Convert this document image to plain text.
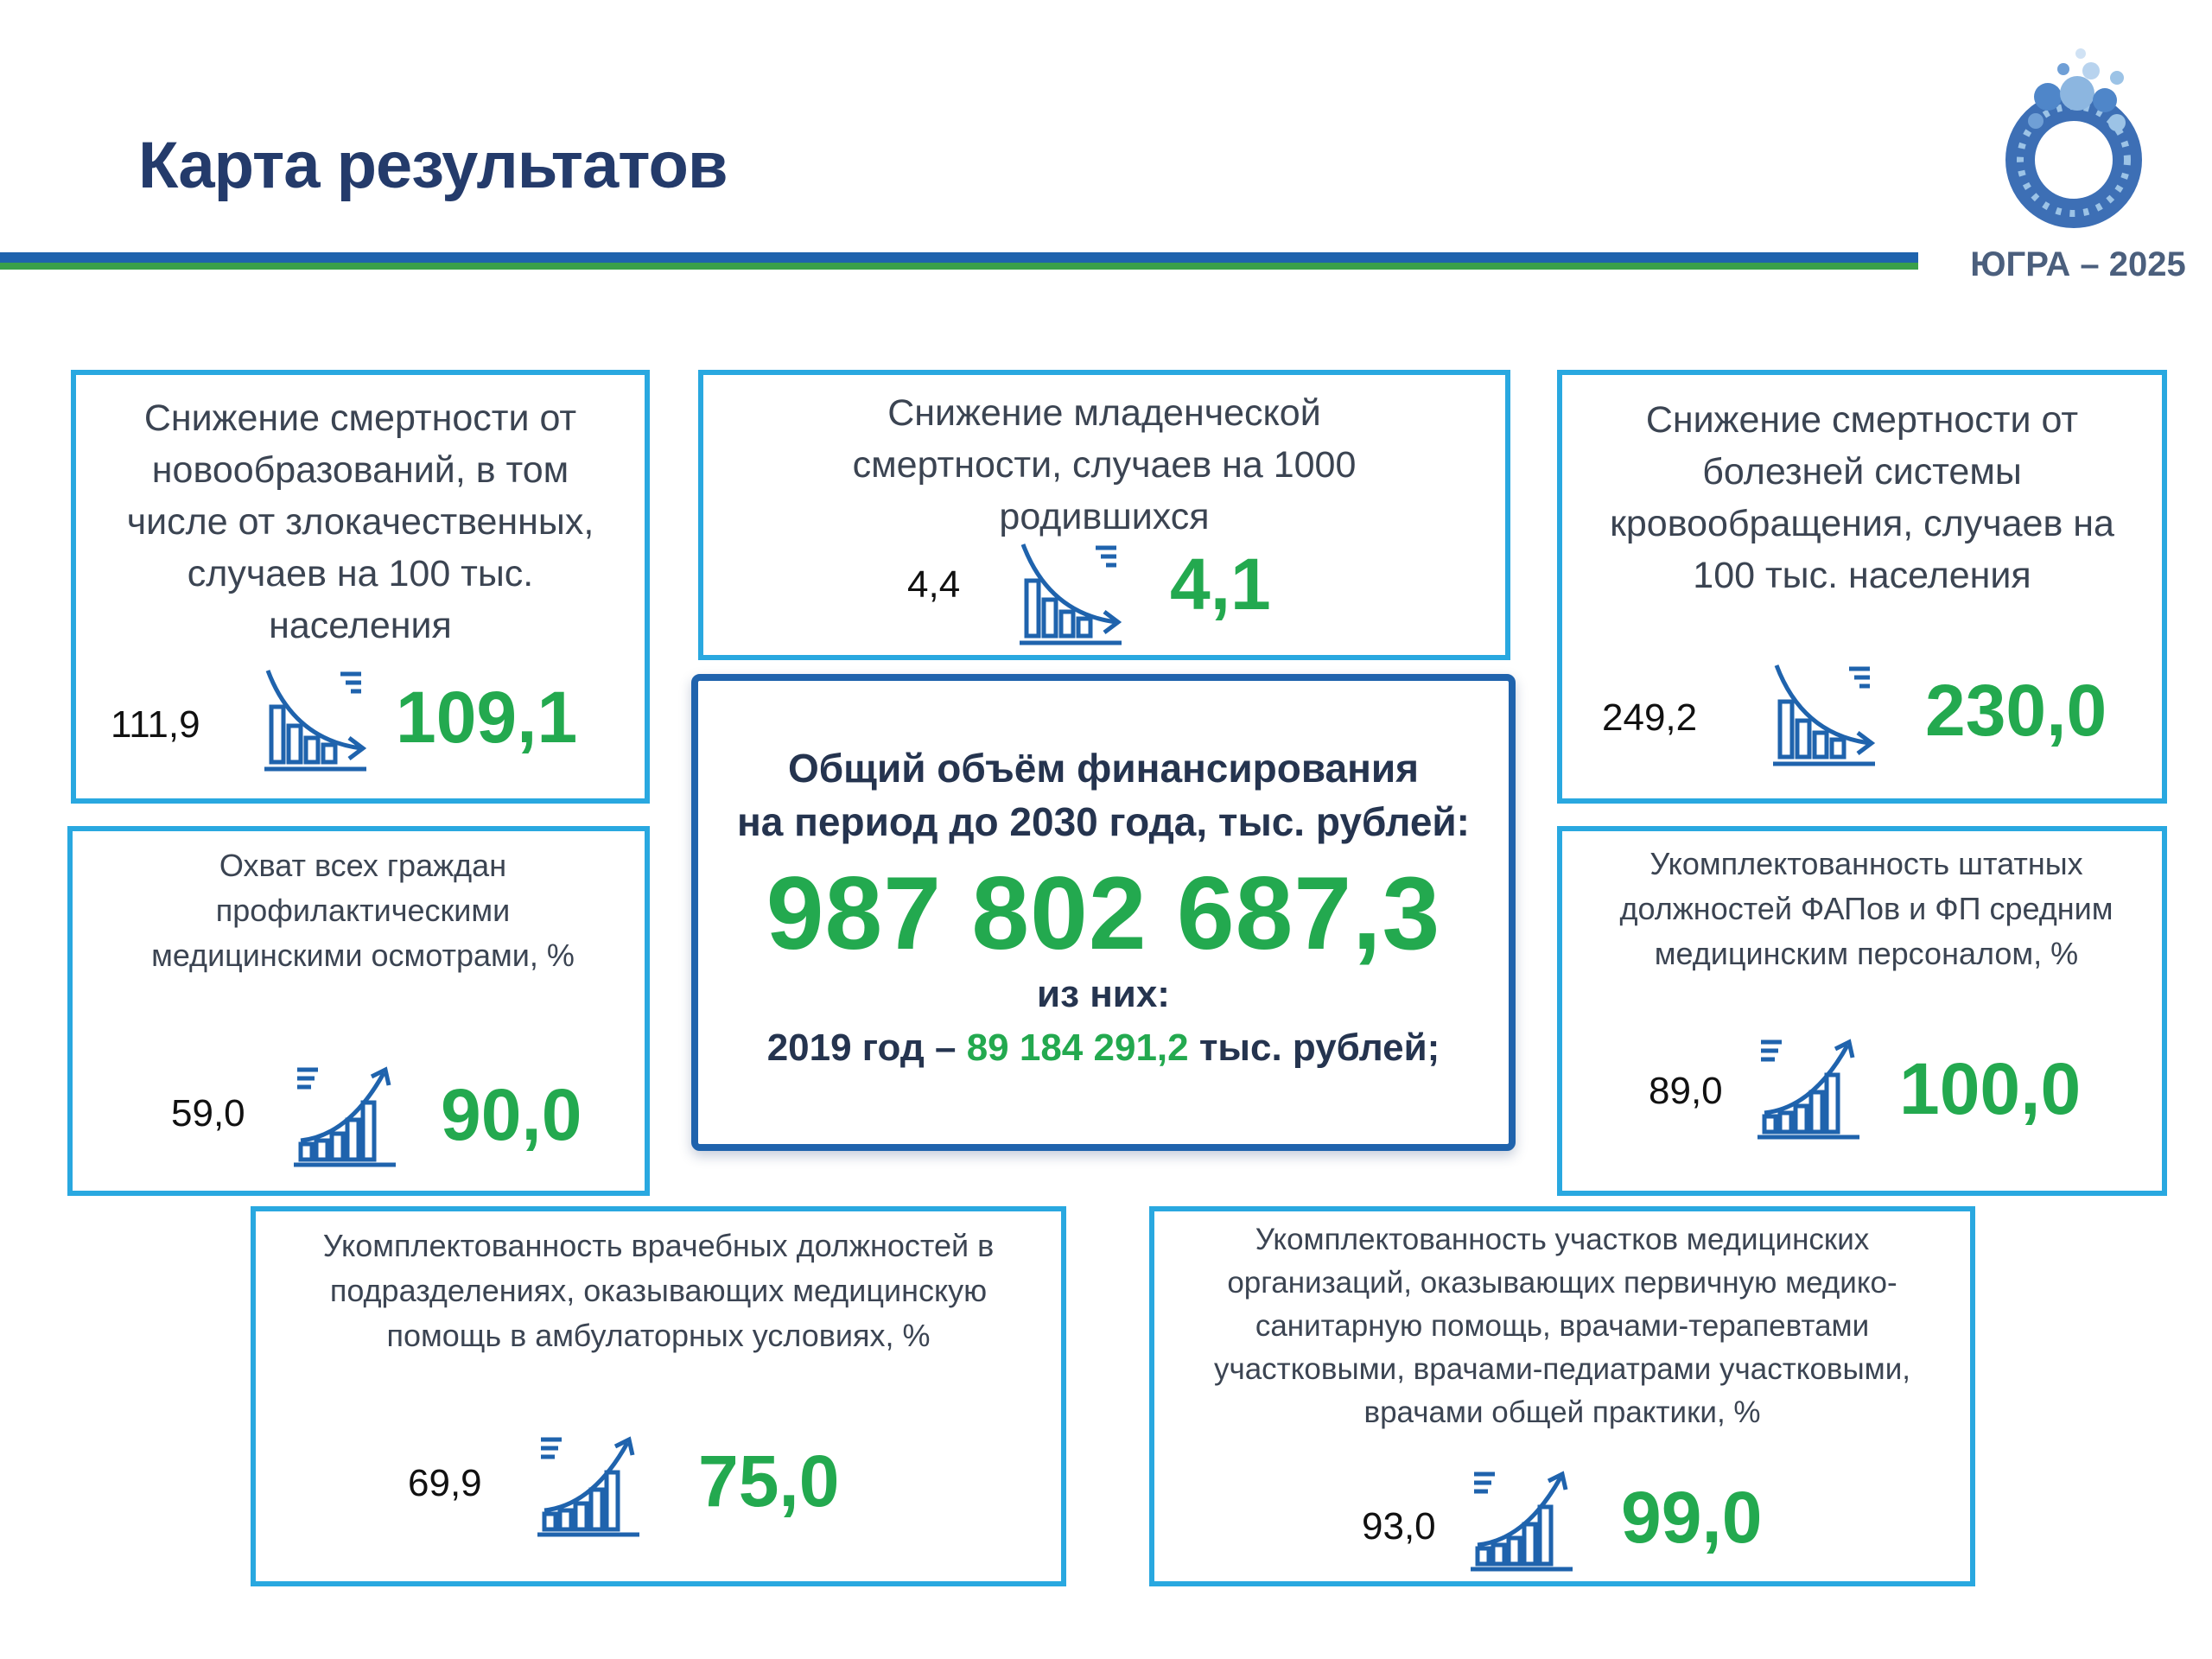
Карта результатов
ЮГРА – 2025

Снижение смертности от новообразований, в том числе от злокачественных, случаев на 100 тыс. населения

111,9	109,1

Снижение младенческой смертности, случаев на 1000 родившихся

4,4	4,1

Снижение смертности от болезней системы кровообращения, случаев на 100 тыс. населения

249,2	230,0

Охват всех граждан профилактическими медицинскими осмотрами, %

59,0	90,0

Общий объём финансирования
на период до 2030 года, тыс. рублей:

987 802 687,3
из них:
2019 год – 89 184 291,2 тыс. рублей;

Укомплектованность штатных должностей ФАПов и ФП средним медицинским персоналом, %

89,0 100,0

Укомплектованность врачебных должностей в подразделениях, оказывающих медицинскую помощь в амбулаторных условиях, %

69,9	75,0

Укомплектованность участков медицинских организаций, оказывающих первичную медико-санитарную помощь, врачами-терапевтами участковыми, врачами-педиатрами участковыми, врачами общей практики, %

93,0	99,0
